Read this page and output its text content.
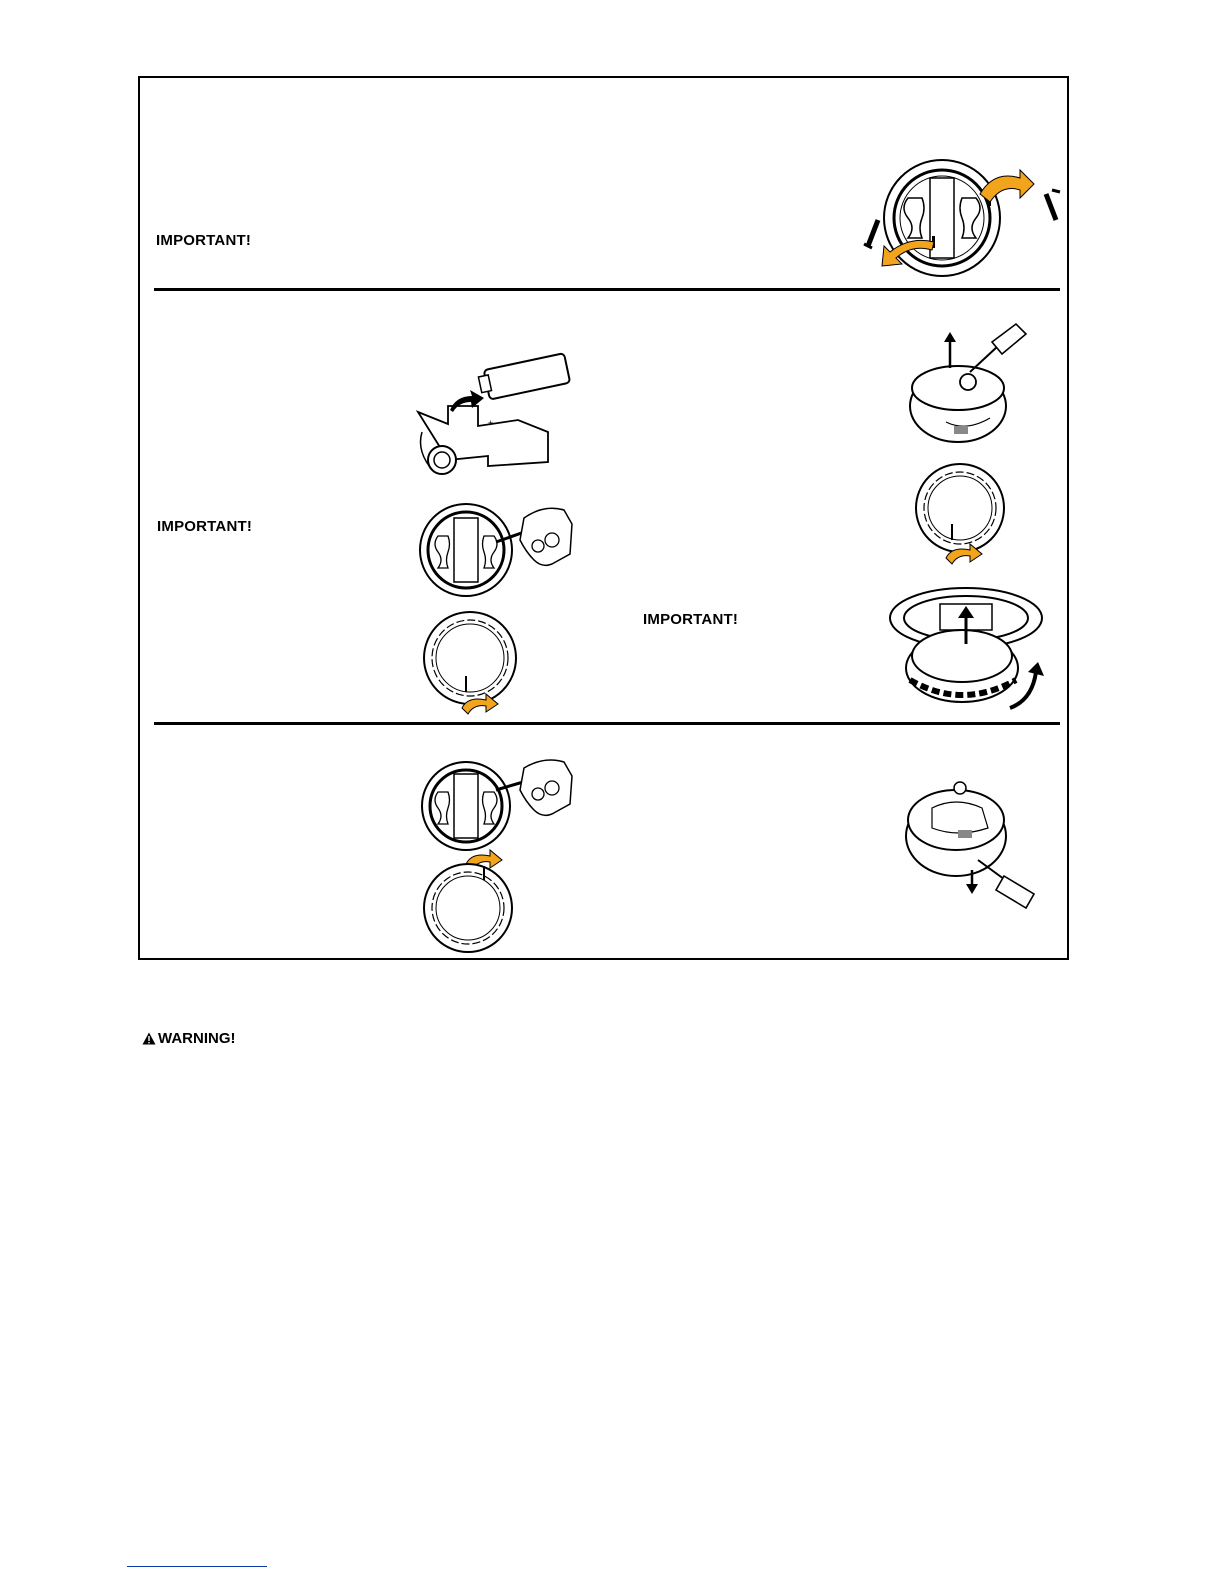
IMPORTANT!
IMPORTANT!
IMPORTANT!
+
WARNING!
